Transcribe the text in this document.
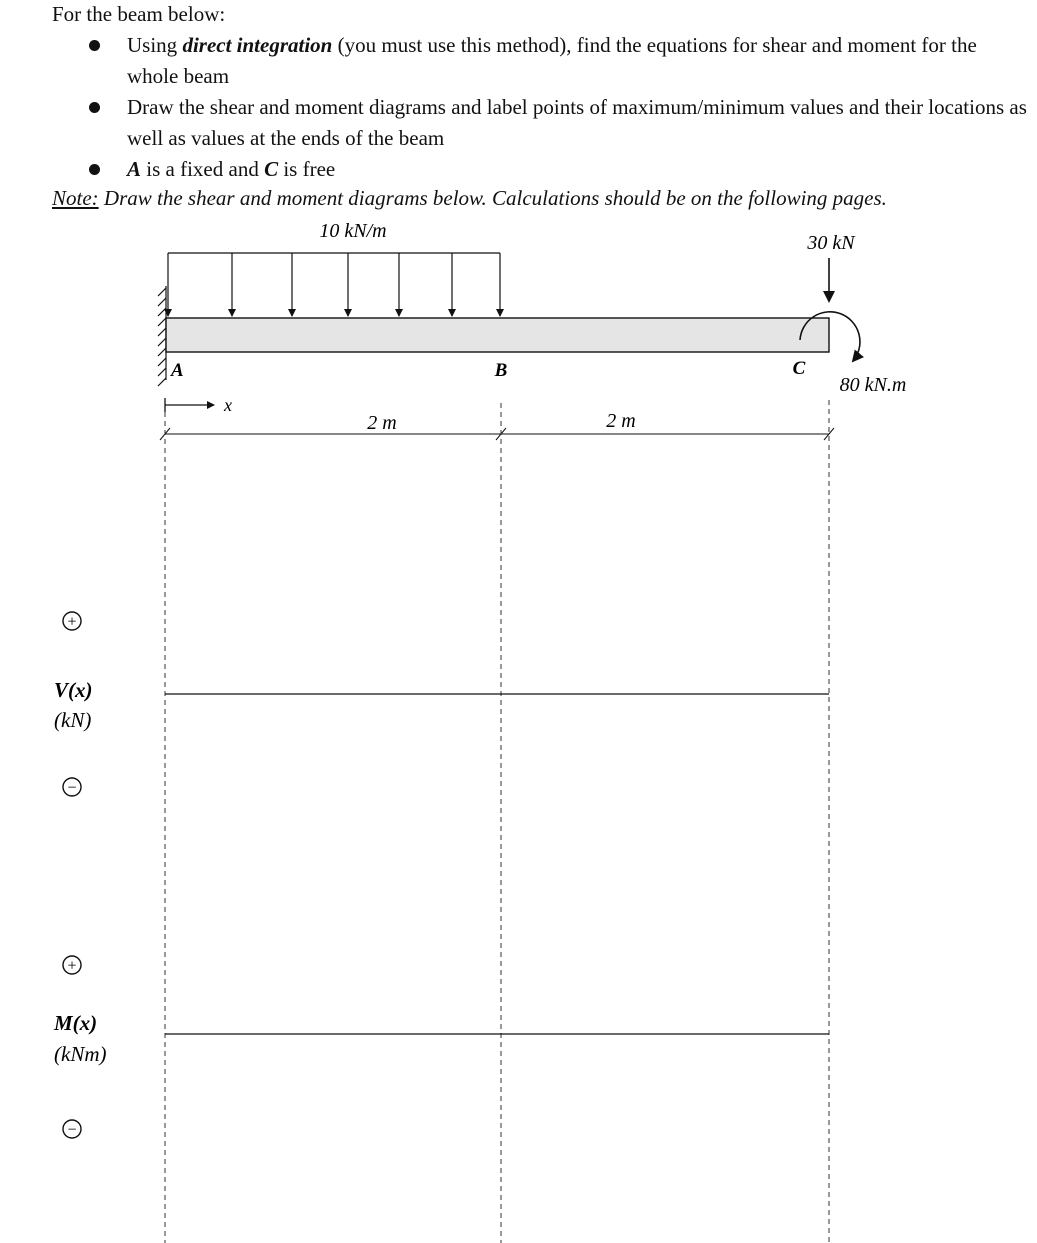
For the beam below:
Using direct integration (you must use this method), find the equations for shear and moment for the whole beam
Draw the shear and moment diagrams and label points of maximum/minimum values and their locations as well as values at the ends of the beam
A is a fixed and C is free
Note: Draw the shear and moment diagrams below. Calculations should be on the following pages.
10 kN/m
30 kN
80 kN.m
A	B	C
x
2 m	2 m
+
V(x)
(kN)
−
+
M(x)
(kNm)
−
